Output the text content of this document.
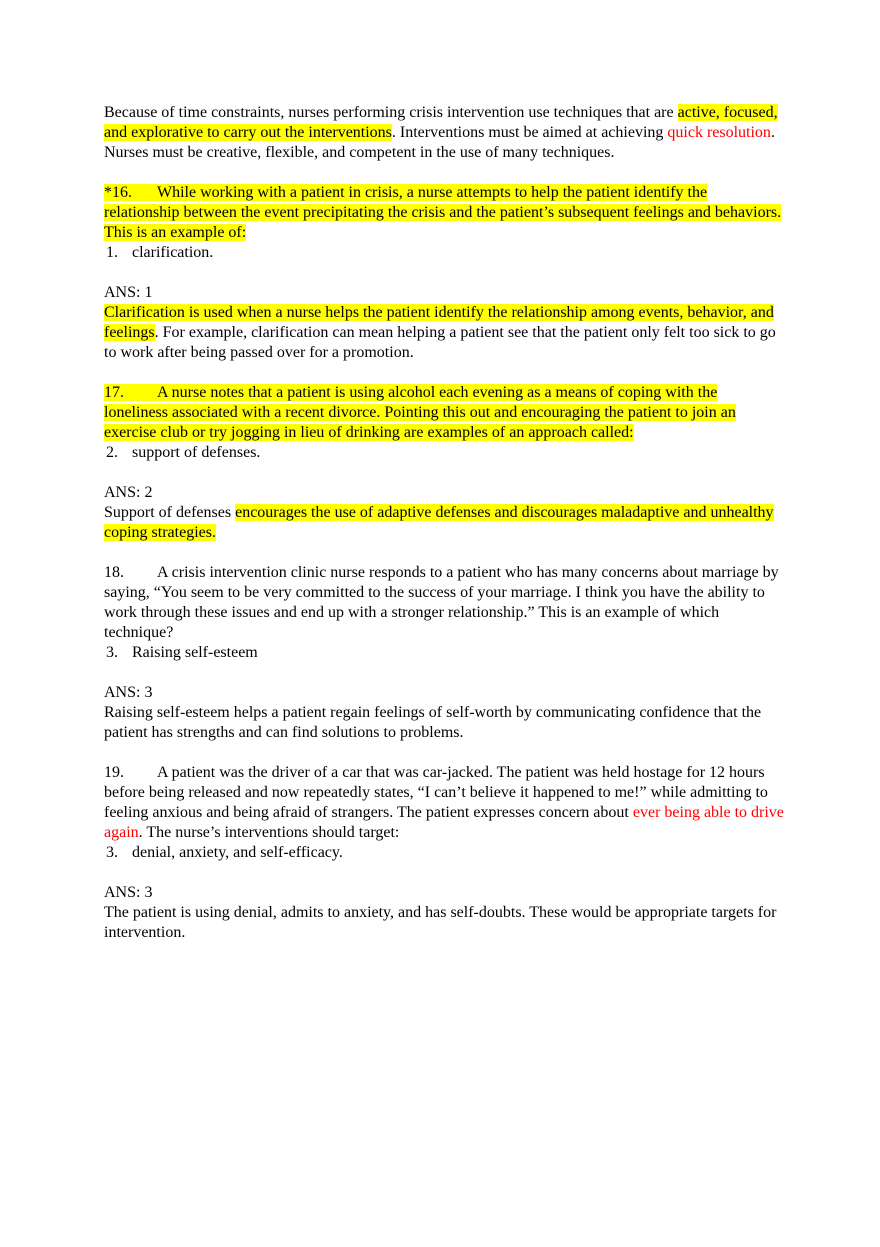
Because of time constraints, nurses performing crisis intervention use techniques that are active, focused, and explorative to carry out the interventions. Interventions must be aimed at achieving quick resolution. Nurses must be creative, flexible, and competent in the use of many techniques.

*16. While working with a patient in crisis, a nurse attempts to help the patient identify the relationship between the event precipitating the crisis and the patient’s subsequent feelings and behaviors. This is an example of:

1. clarification.

ANS: 1

Clarification is used when a nurse helps the patient identify the relationship among events, behavior, and feelings. For example, clarification can mean helping a patient see that the patient only felt too sick to go to work after being passed over for a promotion.

17. A nurse notes that a patient is using alcohol each evening as a means of coping with the loneliness associated with a recent divorce. Pointing this out and encouraging the patient to join an exercise club or try jogging in lieu of drinking are examples of an approach called:

2. support of defenses.

ANS: 2

Support of defenses encourages the use of adaptive defenses and discourages maladaptive and unhealthy coping strategies.

18. A crisis intervention clinic nurse responds to a patient who has many concerns about marriage by saying, “You seem to be very committed to the success of your marriage. I think you have the ability to work through these issues and end up with a stronger relationship.” This is an example of which technique?

3. Raising self-esteem

ANS: 3

Raising self-esteem helps a patient regain feelings of self-worth by communicating confidence that the patient has strengths and can find solutions to problems.

19. A patient was the driver of a car that was car-jacked. The patient was held hostage for 12 hours before being released and now repeatedly states, “I can’t believe it happened to me!” while admitting to feeling anxious and being afraid of strangers. The patient expresses concern about ever being able to drive again. The nurse’s interventions should target:

3. denial, anxiety, and self-efficacy.

ANS: 3

The patient is using denial, admits to anxiety, and has self-doubts. These would be appropriate targets for intervention.
